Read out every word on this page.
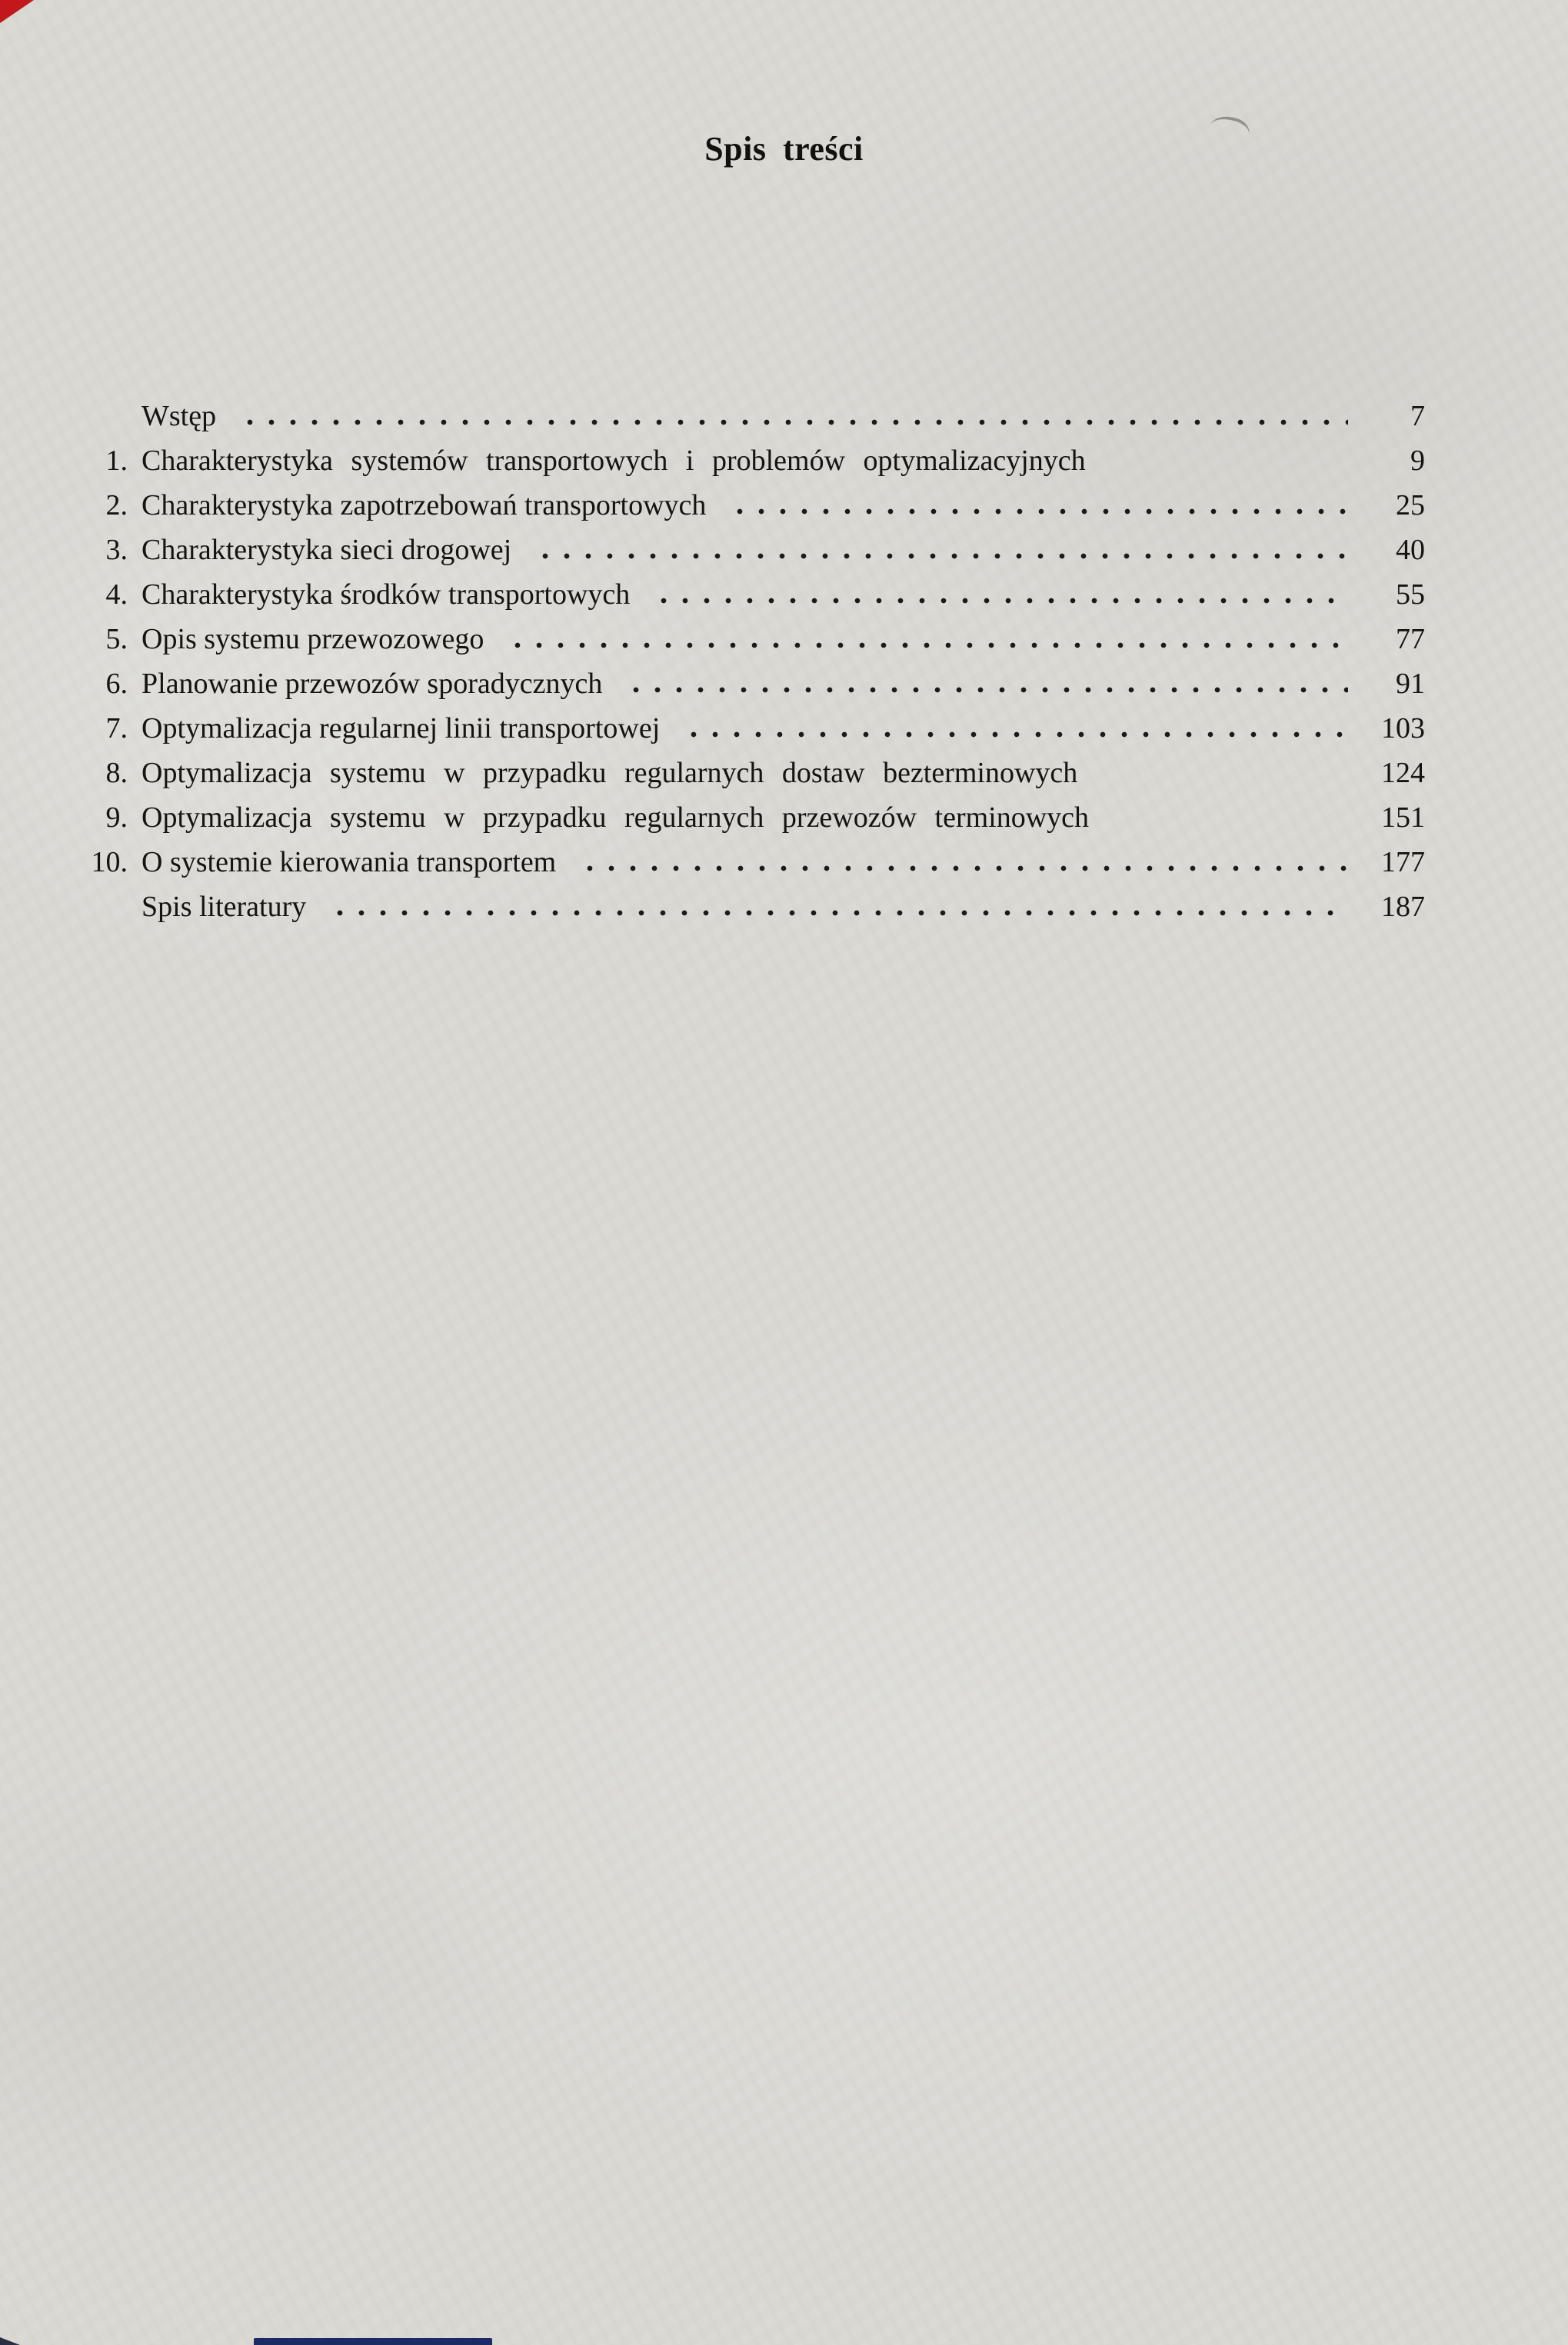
Spis treści
Wstęp	7
1. Charakterystyka systemów transportowych i problemów optymalizacyjnych	9
2. Charakterystyka zapotrzebowań transportowych	25
3. Charakterystyka sieci drogowej	40
4. Charakterystyka środków transportowych	55
5. Opis systemu przewozowego	77
6. Planowanie przewozów sporadycznych	91
7. Optymalizacja regularnej linii transportowej	103
8. Optymalizacja systemu w przypadku regularnych dostaw bezterminowych	124
9. Optymalizacja systemu w przypadku regularnych przewozów terminowych	151
10. O systemie kierowania transportem	177
Spis literatury	187
